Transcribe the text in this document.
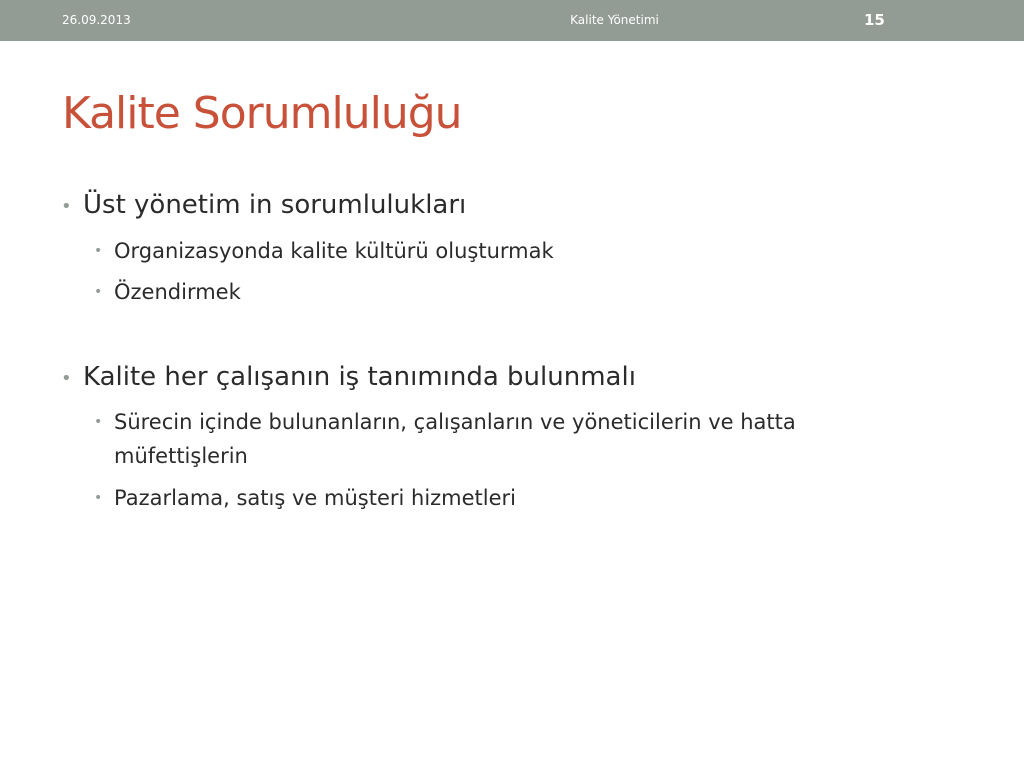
26.09.2013	Kalite Yönetimi	15
Kalite Sorumluluğu
• Üst yönetim in sorumlulukları
• Organizasyonda kalite kültürü oluşturmak
• Özendirmek
• Kalite her çalışanın iş tanımında bulunmalı
• Sürecin içinde bulunanların, çalışanların ve yöneticilerin ve hatta müfettişlerin
• Pazarlama, satış ve müşteri hizmetleri
